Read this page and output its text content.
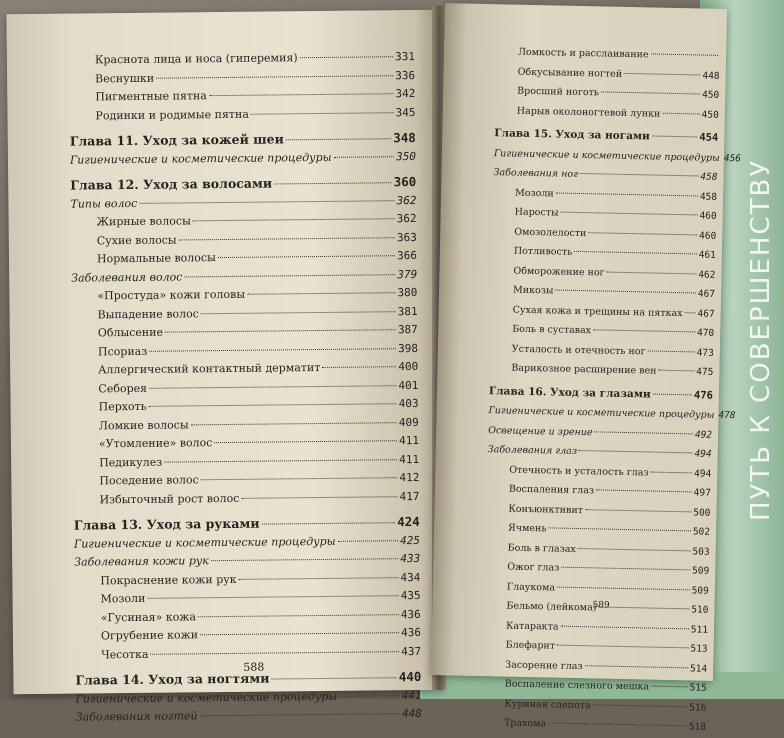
ПУТЬ К СОВЕРШЕНСТВУ
Краснота лица и носа (гиперемия)	331
Веснушки	336
Пигментные пятна	342
Родинки и родимые пятна	345
Глава 11. Уход за кожей шеи	348
Гигиенические и косметические процедуры	350
Глава 12. Уход за волосами	360
Типы волос	362
Жирные волосы	362
Сухие волосы	363
Нормальные волосы	366
Заболевания волос	379
«Простуда» кожи головы	380
Выпадение волос	381
Облысение	387
Псориаз	398
Аллергический контактный дерматит	400
Себорея	401
Перхоть	403
Ломкие волосы	409
«Утомление» волос	411
Педикулез	411
Поседение волос	412
Избыточный рост волос	417
Глава 13. Уход за руками	424
Гигиенические и косметические процедуры	425
Заболевания кожи рук	433
Покраснение кожи рук	434
Мозоли	435
«Гусиная» кожа	436
Огрубение кожи	436
Чесотка	437
Глава 14. Уход за ногтями	440
Гигиенические и косметические процедуры	441
Заболевания ногтей	448
588
Ломкость и расслаивание
Обкусывание ногтей	448
Вросший ноготь	450
Нарыв околоногтевой лунки	450
Глава 15. Уход за ногами	454
Гигиенические и косметические процедуры 456
Заболевания ног	458
Мозоли	458
Наросты	460
Омозолелости	460
Потливость	461
Обморожение ног	462
Микозы	467
Сухая кожа и трещины на пятках 467
Боль в суставах	470
Усталость и отечность ног	473
Варикозное расширение вен	475
Глава 16. Уход за глазами	476
Гигиенические и косметические процедуры 478
Освещение и зрение	492
Заболевания глаз	494
Отечность и усталость глаз	494
Воспаления глаз	497
Конъюнктивит	500
Ячмень	502
Боль в глазах	503
Ожог глаз	509
Глаукома	509
Бельмо (лейкома)	510
Катаракта	511
Блефарит	513
Засорение глаз	514
Воспаление слезного мешка	515
Куриная слепота	516
Трахома	518
589
